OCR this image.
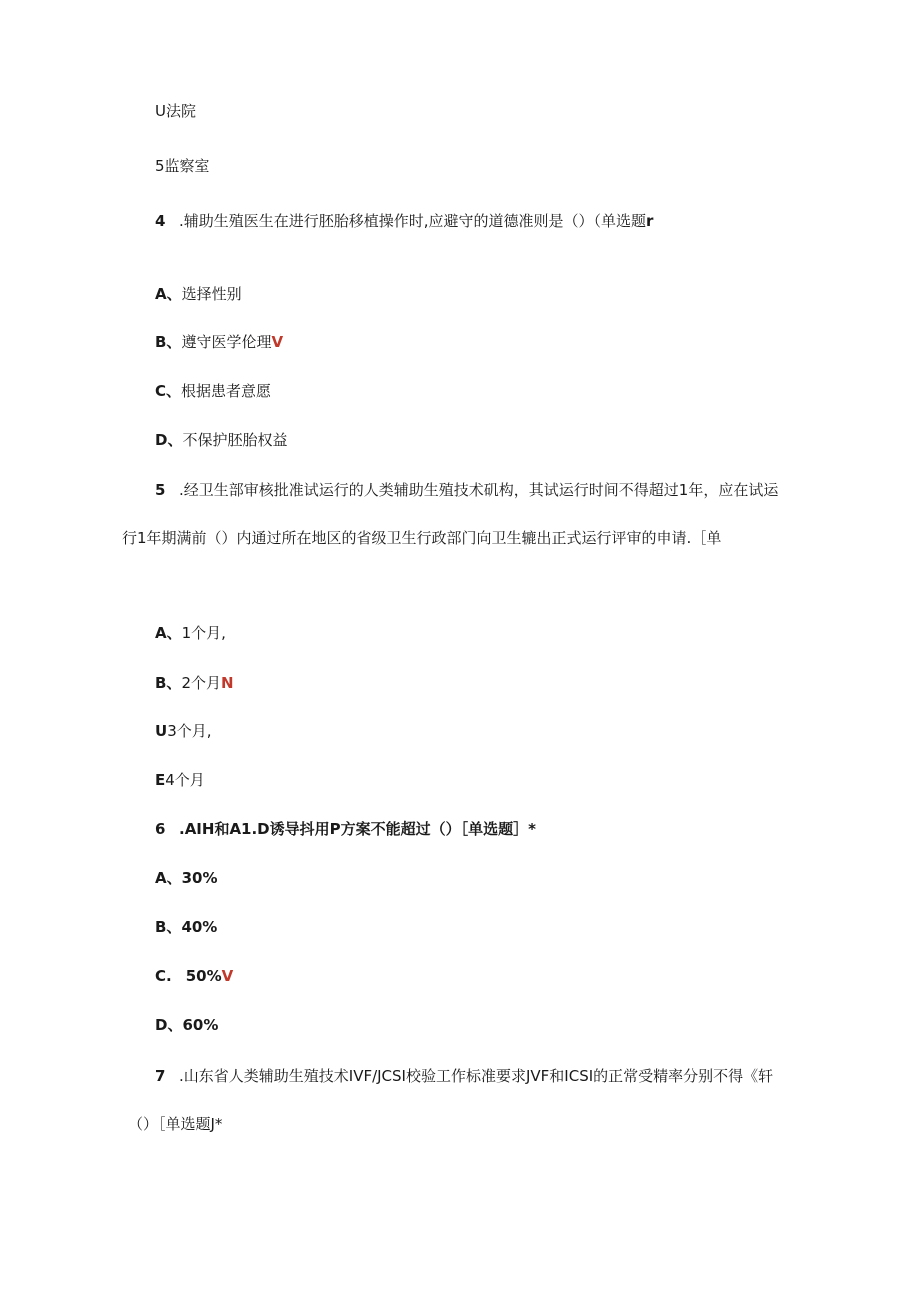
U法院
5监察室
4 .辅助生殖医生在进行胚胎移植操作时,应避守的道德准则是（）（单选题r
A、选择性别
B、遵守医学伦理V
C、根据患者意愿
D、不保护胚胎权益
5 .经卫生部审核批准试运行的人类辅助生殖技术矶构，其试运行时间不得超过1年，应在试运
行1年期满前（）内通过所在地区的省级卫生行政部门向卫生辘出正式运行评审的申请.［单
A、1个月,
B、2个月N
U3个月,
E4个月
6 .AIH和A1.D诱导抖用P方案不能超过（）［单选题］*
A、30%
B、40%
C. 50%V
D、60%
7 .山东省人类辅助生殖技术IVF/JCSI校验工作标准要求JVF和ICSI的正常受精率分别不得《轩
（）［单选题J*
